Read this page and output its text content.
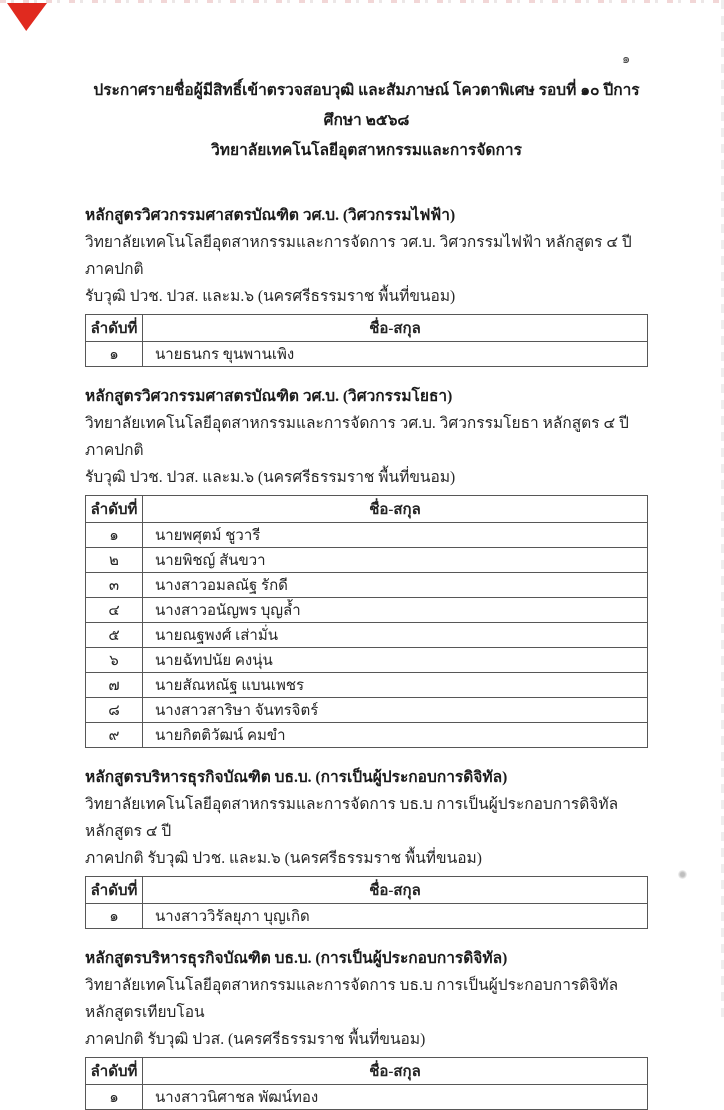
๑
ประกาศรายชื่อผู้มีสิทธิ์เข้าตรวจสอบวุฒิ และสัมภาษณ์ โควตาพิเศษ รอบที่ ๑๐ ปีการศึกษา ๒๕๖๘
วิทยาลัยเทคโนโลยีอุตสาหกรรมและการจัดการ
หลักสูตรวิศวกรรมศาสตรบัณฑิต วศ.บ. (วิศวกรรมไฟฟ้า)
วิทยาลัยเทคโนโลยีอุตสาหกรรมและการจัดการ วศ.บ. วิศวกรรมไฟฟ้า หลักสูตร ๔ ปี ภาคปกติ
รับวุฒิ ปวช. ปวส. และม.๖ (นครศรีธรรมราช พื้นที่ขนอม)
ลำดับที่	ชื่อ-สกุล
๑	นายธนกร ขุนพานเพิง
หลักสูตรวิศวกรรมศาสตรบัณฑิต วศ.บ. (วิศวกรรมโยธา)
วิทยาลัยเทคโนโลยีอุตสาหกรรมและการจัดการ วศ.บ. วิศวกรรมโยธา หลักสูตร ๔ ปี ภาคปกติ
รับวุฒิ ปวช. ปวส. และม.๖ (นครศรีธรรมราช พื้นที่ขนอม)
ลำดับที่	ชื่อ-สกุล
๑	นายพศุตม์ ชูวารี
๒	นายพิชญ์ สันขวา
๓	นางสาวอมลณัฐ รักดี
๔	นางสาวอนัญพร บุญล้ำ
๕	นายณฐพงศ์ เส่ามั่น
๖	นายฉัทปนัย คงนุ่น
๗	นายสัณหณัฐ แบนเพชร
๘	นางสาวสาริษา จันทรจิตร์
๙	นายกิตติวัฒน์ คมขำ
หลักสูตรบริหารธุรกิจบัณฑิต บธ.บ. (การเป็นผู้ประกอบการดิจิทัล)
วิทยาลัยเทคโนโลยีอุตสาหกรรมและการจัดการ บธ.บ การเป็นผู้ประกอบการดิจิทัล หลักสูตร ๔ ปี
ภาคปกติ รับวุฒิ ปวช. และม.๖ (นครศรีธรรมราช พื้นที่ขนอม)
ลำดับที่	ชื่อ-สกุล
๑	นางสาววิรัลยุภา บุญเกิด
หลักสูตรบริหารธุรกิจบัณฑิต บธ.บ. (การเป็นผู้ประกอบการดิจิทัล)
วิทยาลัยเทคโนโลยีอุตสาหกรรมและการจัดการ บธ.บ การเป็นผู้ประกอบการดิจิทัล หลักสูตรเทียบโอน
ภาคปกติ รับวุฒิ ปวส. (นครศรีธรรมราช พื้นที่ขนอม)
ลำดับที่	ชื่อ-สกุล
๑	นางสาวนิศาชล พัฒน์ทอง
